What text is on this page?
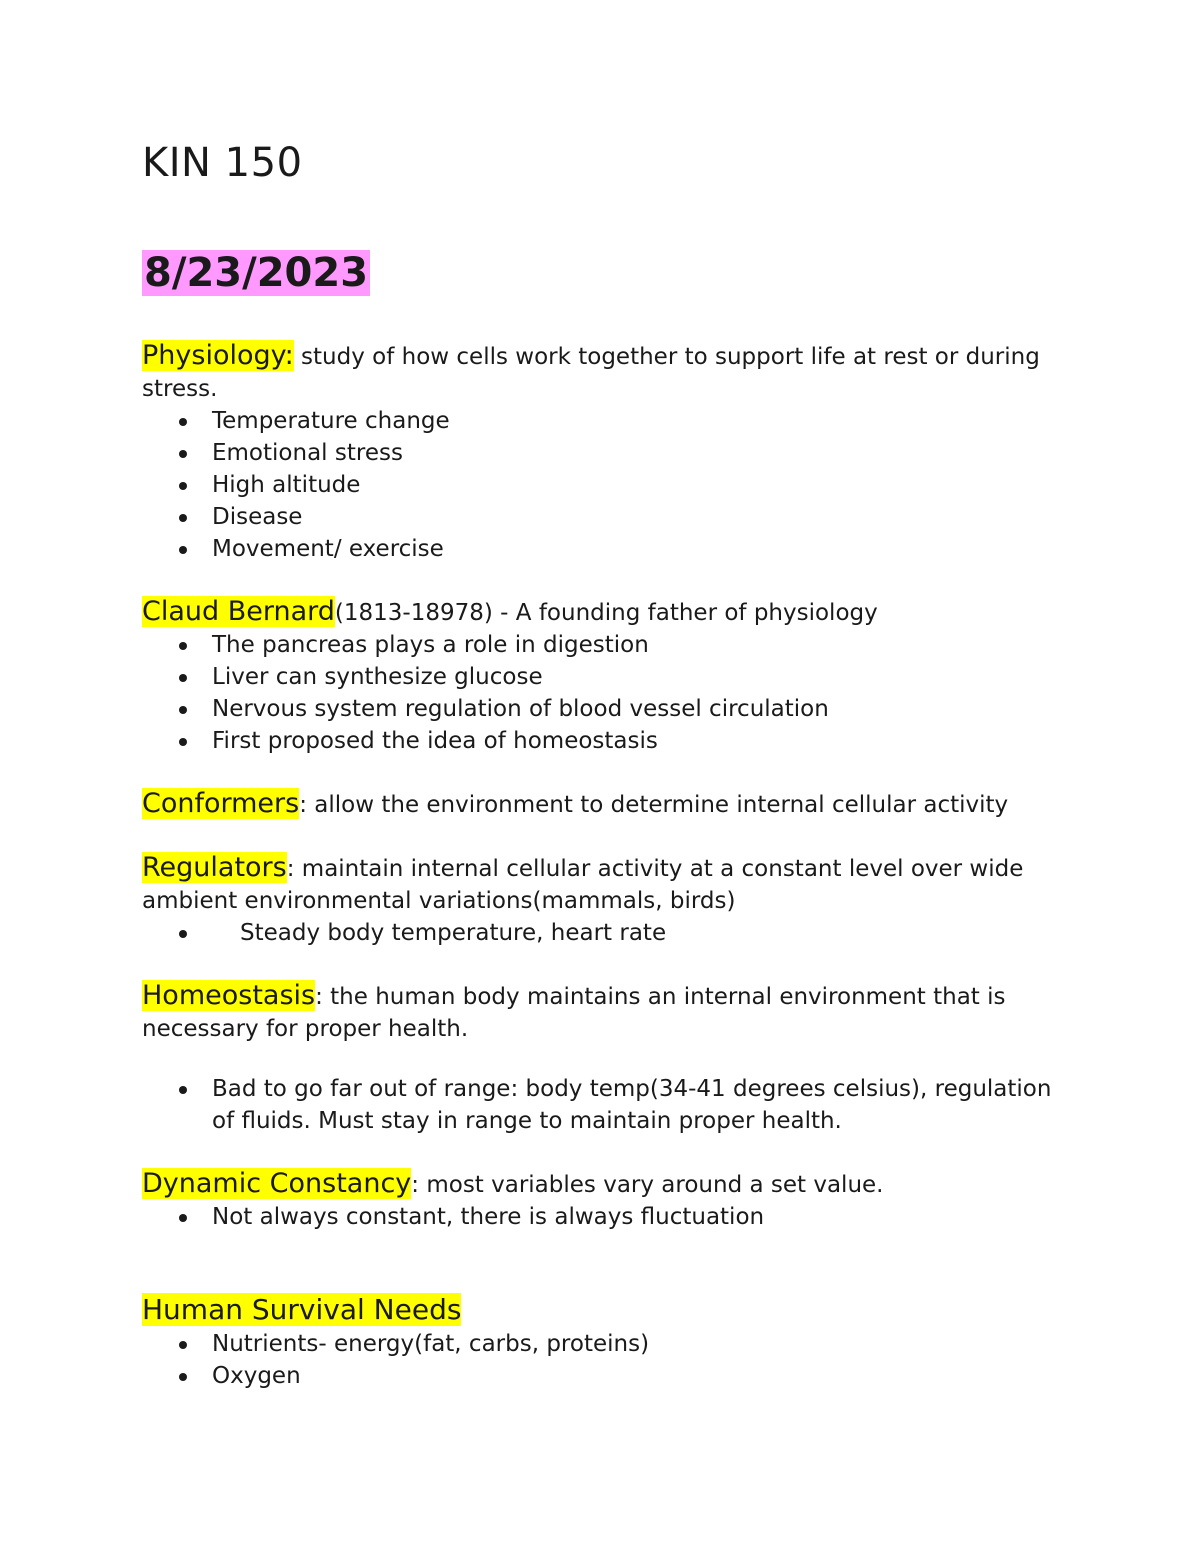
KIN 150
8/23/2023

Physiology: study of how cells work together to support life at rest or during stress.

Temperature change
Emotional stress
High altitude
Disease
Movement/ exercise

Claud Bernard(1813-18978) - A founding father of physiology

The pancreas plays a role in digestion
Liver can synthesize glucose
Nervous system regulation of blood vessel circulation
First proposed the idea of homeostasis

Conformers: allow the environment to determine internal cellular activity

Regulators: maintain internal cellular activity at a constant level over wide ambient environmental variations(mammals, birds)

Steady body temperature, heart rate

Homeostasis: the human body maintains an internal environment that is necessary for proper health.

Bad to go far out of range: body temp(34-41 degrees celsius), regulation of fluids. Must stay in range to maintain proper health.

Dynamic Constancy: most variables vary around a set value.

Not always constant, there is always fluctuation

Human Survival Needs

Nutrients- energy(fat, carbs, proteins)
Oxygen
